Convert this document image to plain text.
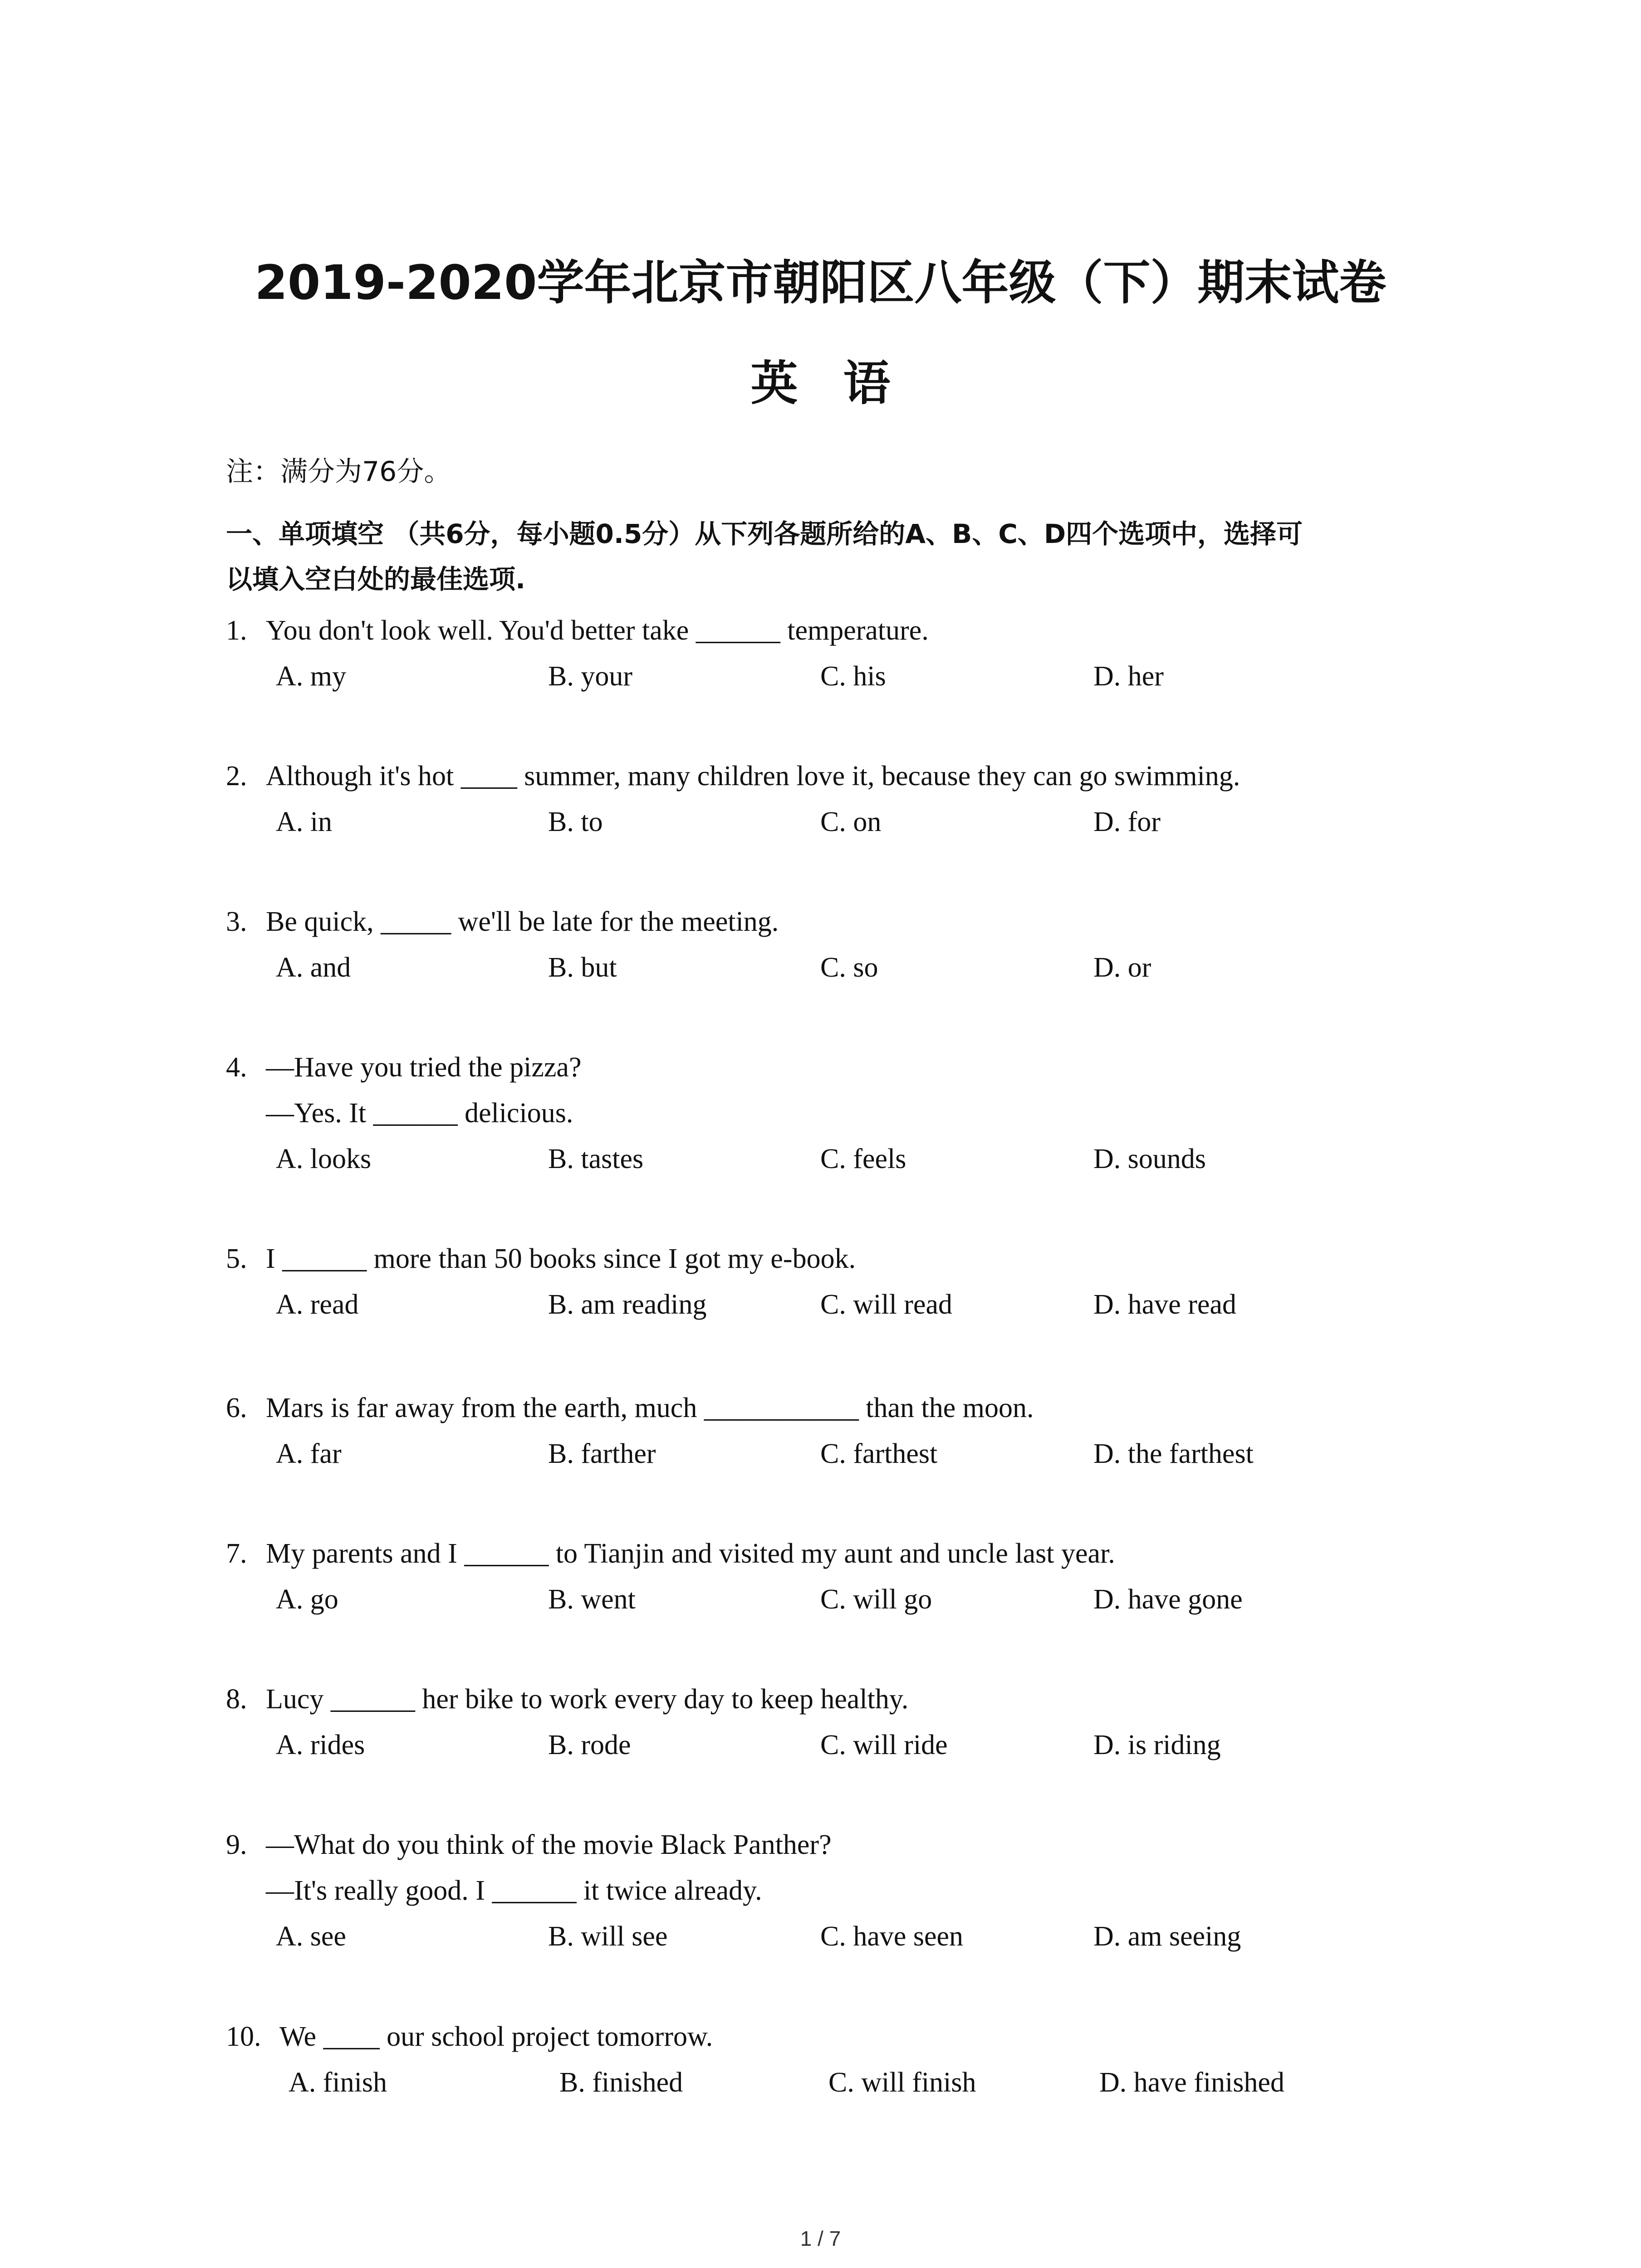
2019-2020学年北京市朝阳区八年级（下）期末试卷
英语
注：满分为76分。
一、单项填空 （共6分，每小题0.5分）从下列各题所给的A、B、C、D四个选项中，选择可
以填入空白处的最佳选项.
1. You don't look well. You'd better take ______ temperature.
A. my	B. your	C. his	D. her
2. Although it's hot ____ summer, many children love it, because they can go swimming.
A. in	B. to	C. on	D. for
3. Be quick, _____ we'll be late for the meeting.
A. and	B. but	C. so	D. or
4. —Have you tried the pizza?
—Yes. It ______ delicious.
A. looks	B. tastes	C. feels	D. sounds
5. I ______ more than 50 books since I got my e-book.
A. read	B. am reading	C. will read	D. have read
6. Mars is far away from the earth, much ___________ than the moon.
A. far	B. farther	C. farthest	D. the farthest
7. My parents and I ______ to Tianjin and visited my aunt and uncle last year.
A. go	B. went	C. will go	D. have gone
8. Lucy ______ her bike to work every day to keep healthy.
A. rides	B. rode	C. will ride	D. is riding
9. —What do you think of the movie Black Panther?
—It's really good. I ______ it twice already.
A. see	B. will see	C. have seen	D. am seeing
10. We ____ our school project tomorrow.
A. finish	B. finished	C. will finish	D. have finished
1 / 7
